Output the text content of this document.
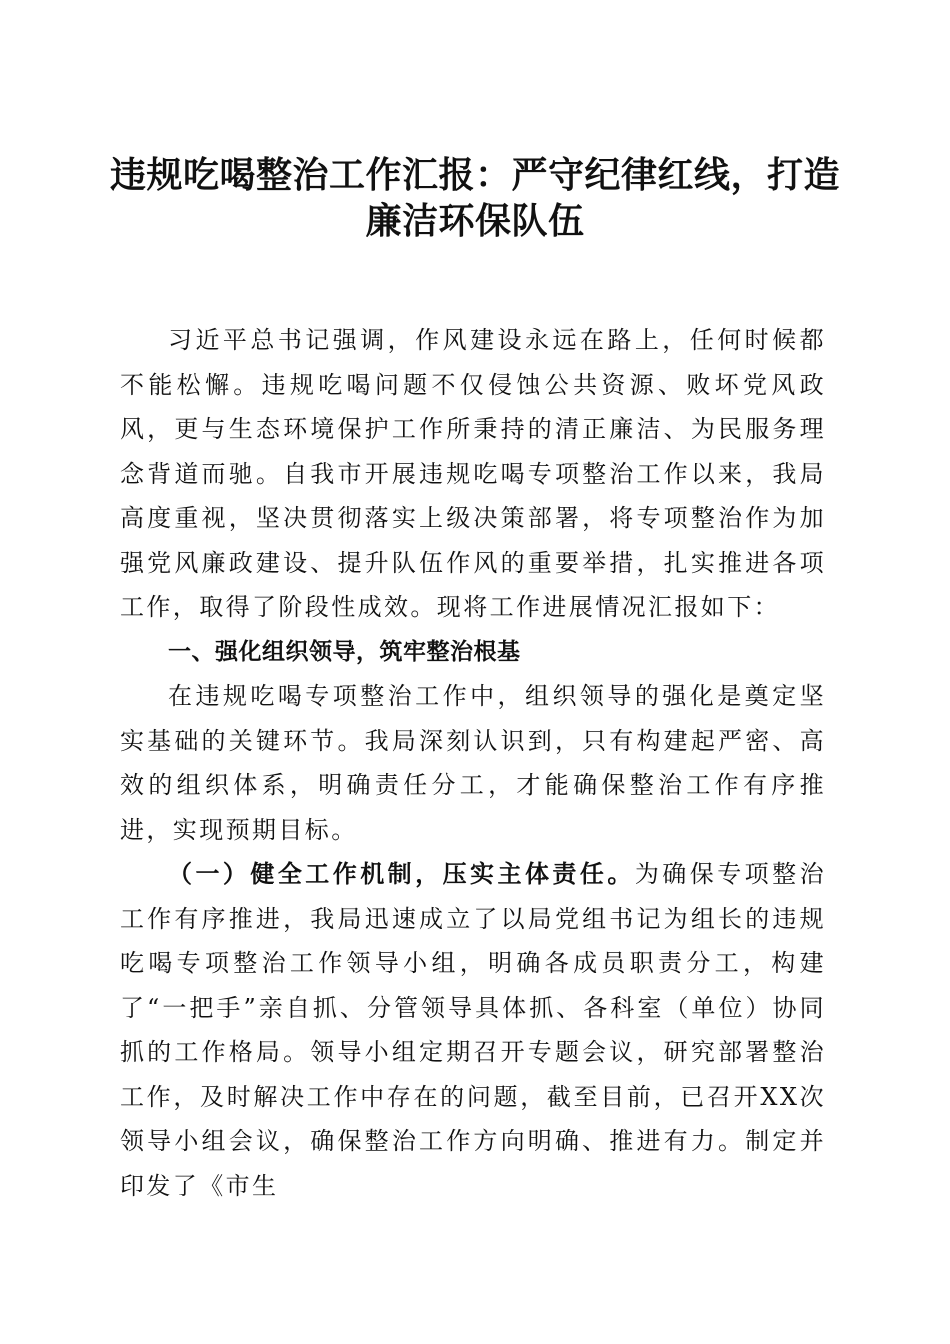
违规吃喝整治工作汇报：严守纪律红线，打造廉洁环保队伍

习近平总书记强调，作风建设永远在路上，任何时候都不能松懈。违规吃喝问题不仅侵蚀公共资源、败坏党风政风，更与生态环境保护工作所秉持的清正廉洁、为民服务理念背道而驰。自我市开展违规吃喝专项整治工作以来，我局高度重视，坚决贯彻落实上级决策部署，将专项整治作为加强党风廉政建设、提升队伍作风的重要举措，扎实推进各项工作，取得了阶段性成效。现将工作进展情况汇报如下：

一、强化组织领导，筑牢整治根基

在违规吃喝专项整治工作中，组织领导的强化是奠定坚实基础的关键环节。我局深刻认识到，只有构建起严密、高效的组织体系，明确责任分工，才能确保整治工作有序推进，实现预期目标。

（一）健全工作机制，压实主体责任。为确保专项整治工作有序推进，我局迅速成立了以局党组书记为组长的违规吃喝专项整治工作领导小组，明确各成员职责分工，构建了“一把手”亲自抓、分管领导具体抓、各科室（单位）协同抓的工作格局。领导小组定期召开专题会议，研究部署整治工作，及时解决工作中存在的问题，截至目前，已召开XX次领导小组会议，确保整治工作方向明确、推进有力。制定并印发了《市生
